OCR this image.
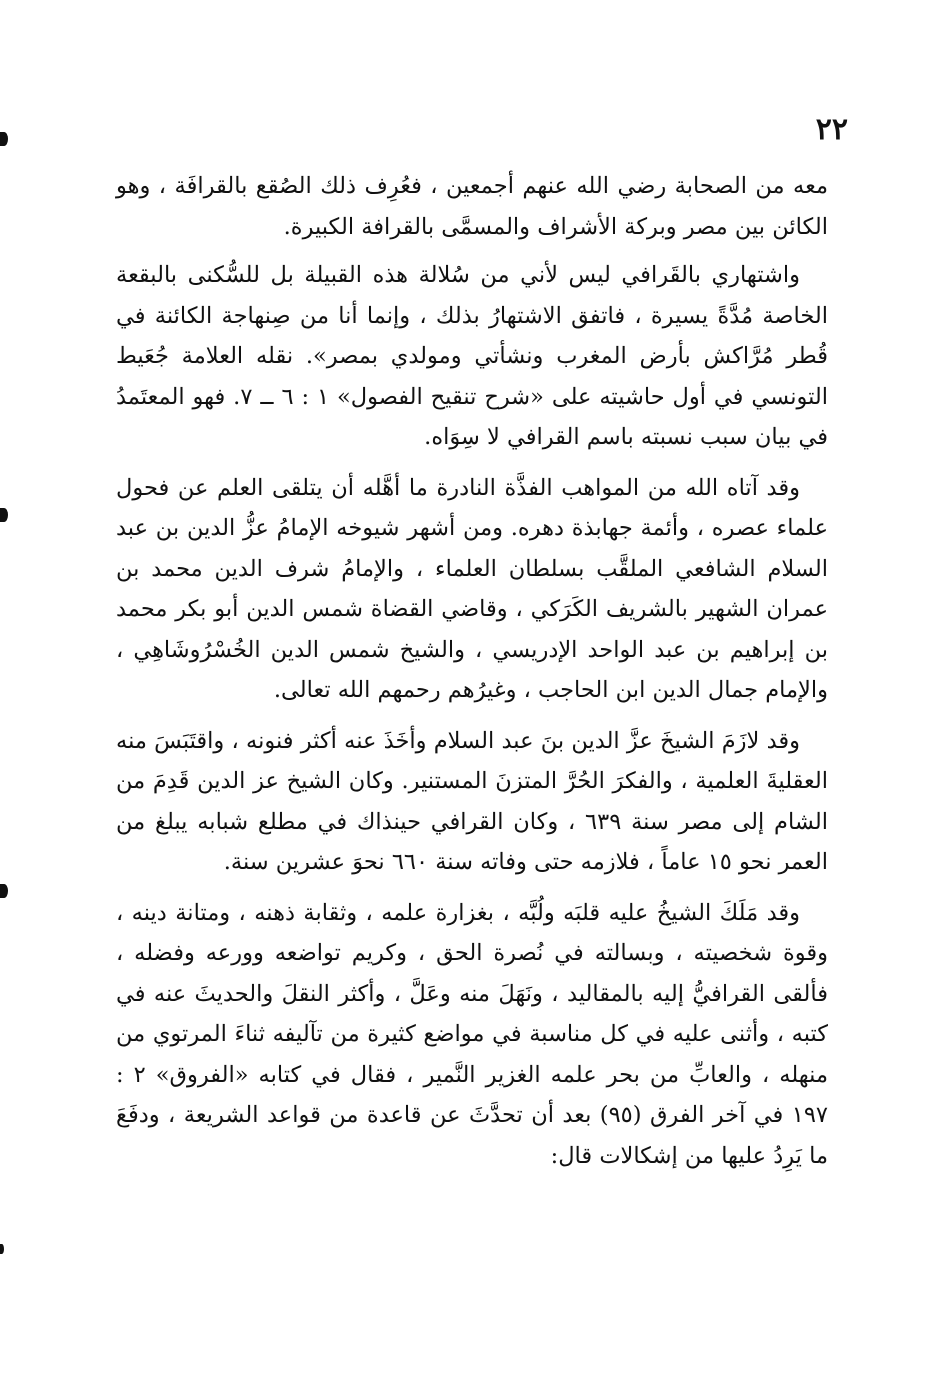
٢٢

معه من الصحابة رضي الله عنهم أجمعين ، فعُرِف ذلك الصُقع بالقرافَة ، وهو الكائن بين مصر وبركة الأشراف والمسمَّى بالقرافة الكبيرة.

واشتهاري بالقَرافي ليس لأني من سُلالة هذه القبيلة بل للسُّكنى بالبقعة الخاصة مُدَّةً يسيرة ، فاتفق الاشتهارُ بذلك ، وإنما أنا من صِنهاجة الكائنة في قُطر مُرَّاكش بأرض المغرب ونشأتي ومولدي بمصر». نقله العلامة جُعَيط التونسي في أول حاشيته على «شرح تنقيح الفصول» ١ : ٦ ــ ٧. فهو المعتَمدُ في بيان سبب نسبته باسم القرافي لا سِوَاه.

وقد آتاه الله من المواهب الفذَّة النادرة ما أهَّله أن يتلقى العلم عن فحول علماء عصره ، وأئمة جهابذة دهره. ومن أشهر شيوخه الإمامُ عزُّ الدين بن عبد السلام الشافعي الملقَّب بسلطان العلماء ، والإمامُ شرف الدين محمد بن عمران الشهير بالشريف الكَرَكي ، وقاضي القضاة شمس الدين أبو بكر محمد بن إبراهيم بن عبد الواحد الإدريسي ، والشيخ شمس الدين الخُسْرُوشَاهِي ، والإمام جمال الدين ابن الحاجب ، وغيرُهم رحمهم الله تعالى.

وقد لازَمَ الشيخَ عزَّ الدين بنَ عبد السلام وأخَذَ عنه أكثر فنونه ، واقتَبَسَ منه العقليةَ العلمية ، والفكرَ الحُرَّ المتزنَ المستنير. وكان الشيخ عز الدين قَدِمَ من الشام إلى مصر سنة ٦٣٩ ، وكان القرافي حينذاك في مطلع شبابه يبلغ من العمر نحو ١٥ عاماً ، فلازمه حتى وفاته سنة ٦٦٠ نحوَ عشرين سنة.

وقد مَلَكَ الشيخُ عليه قلبَه ولُبَّه ، بغزارة علمه ، وثقابة ذهنه ، ومتانة دينه ، وقوة شخصيته ، وبسالته في نُصرة الحق ، وكريم تواضعه وورعه وفضله ، فألقى القرافيُّ إليه بالمقاليد ، ونَهَلَ منه وعَلَّ ، وأكثر النقلَ والحديثَ عنه في كتبه ، وأثنى عليه في كل مناسبة في مواضع كثيرة من تآليفه ثناءَ المرتوي من منهله ، والعابِّ من بحر علمه الغزير النَّمير ، فقال في كتابه «الفروق» ٢ : ١٩٧ في آخر الفرق (٩٥) بعد أن تحدَّثَ عن قاعدة من قواعد الشريعة ، ودفَعَ ما يَرِدُ عليها من إشكالات قال:
